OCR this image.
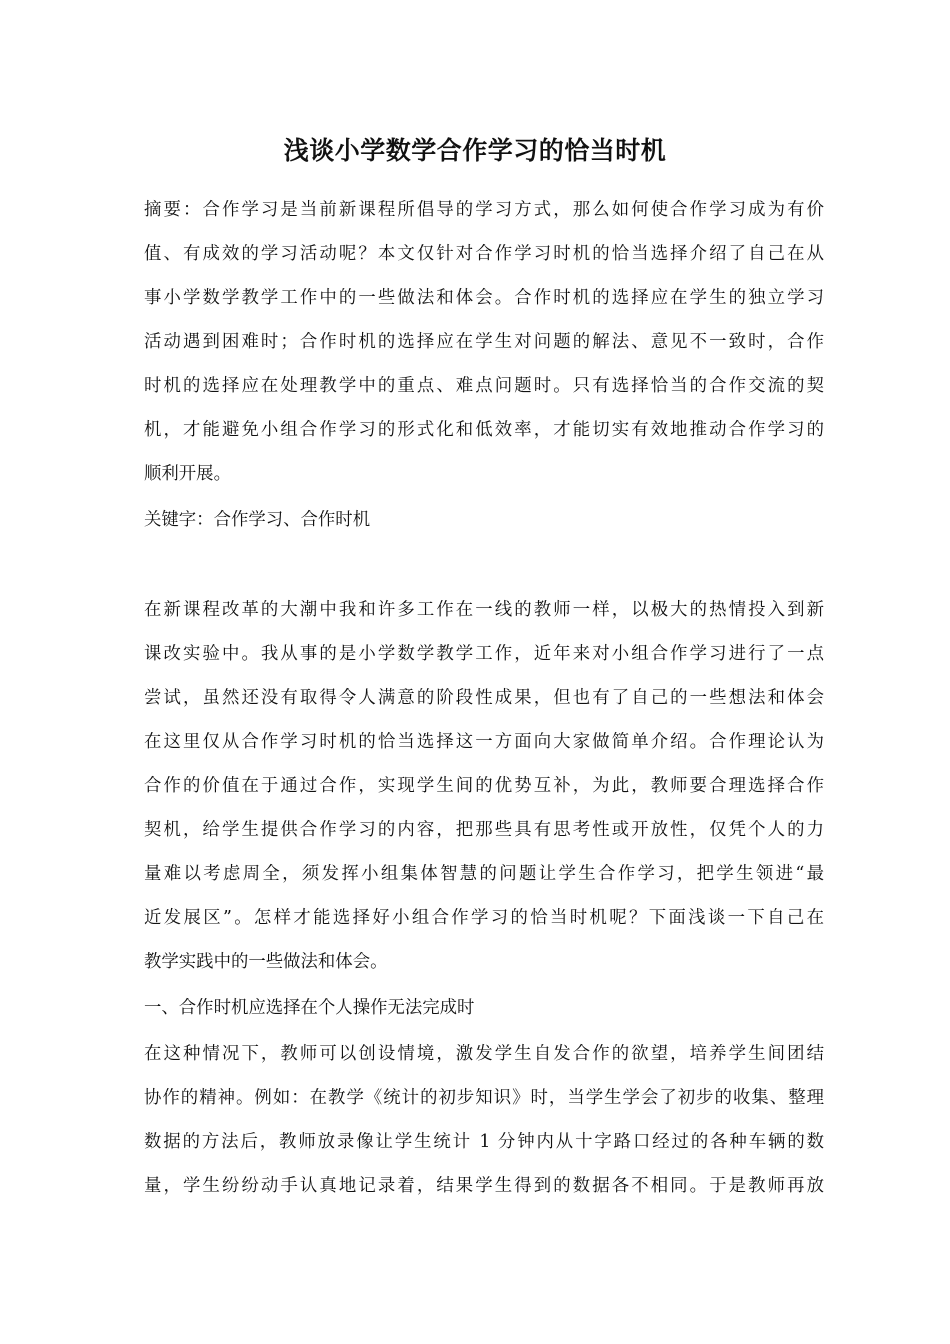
浅谈小学数学合作学习的恰当时机
摘要：合作学习是当前新课程所倡导的学习方式，那么如何使合作学习成为有价
值、有成效的学习活动呢？本文仅针对合作学习时机的恰当选择介绍了自己在从
事小学数学教学工作中的一些做法和体会。合作时机的选择应在学生的独立学习
活动遇到困难时；合作时机的选择应在学生对问题的解法、意见不一致时，合作
时机的选择应在处理教学中的重点、难点问题时。只有选择恰当的合作交流的契
机，才能避免小组合作学习的形式化和低效率，才能切实有效地推动合作学习的
顺利开展。
关键字：合作学习、合作时机
在新课程改革的大潮中我和许多工作在一线的教师一样，以极大的热情投入到新
课改实验中。我从事的是小学数学教学工作，近年来对小组合作学习进行了一点
尝试，虽然还没有取得令人满意的阶段性成果，但也有了自己的一些想法和体会
在这里仅从合作学习时机的恰当选择这一方面向大家做简单介绍。合作理论认为
合作的价值在于通过合作，实现学生间的优势互补，为此，教师要合理选择合作
契机，给学生提供合作学习的内容，把那些具有思考性或开放性，仅凭个人的力
量难以考虑周全，须发挥小组集体智慧的问题让学生合作学习，把学生领进“最
近发展区”。怎样才能选择好小组合作学习的恰当时机呢？下面浅谈一下自己在
教学实践中的一些做法和体会。
一、合作时机应选择在个人操作无法完成时
在这种情况下，教师可以创设情境，激发学生自发合作的欲望，培养学生间团结
协作的精神。例如：在教学《统计的初步知识》时，当学生学会了初步的收集、整理
数据的方法后，教师放录像让学生统计 1 分钟内从十字路口经过的各种车辆的数
量，学生纷纷动手认真地记录着，结果学生得到的数据各不相同。于是教师再放
